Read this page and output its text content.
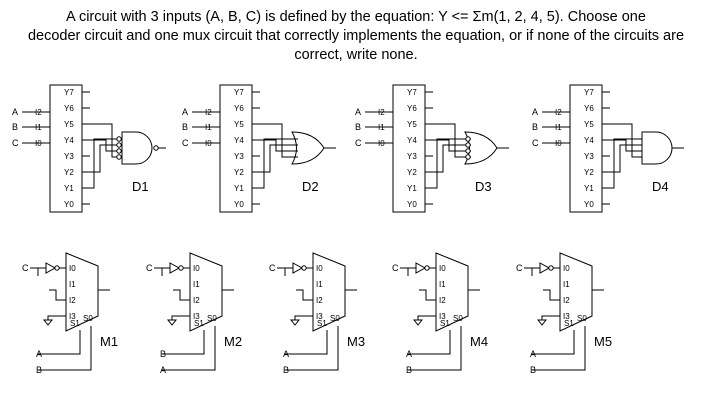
A circuit with 3 inputs (A, B, C) is defined by the equation: Y <= Σm(1, 2, 4, 5). Choose one
decoder circuit and one mux circuit that correctly implements the equation, or if none of the circuits are
correct, write none.

A I2
B I1
C I0
Y7
Y6
Y5
Y4
Y3
Y2
Y1
Y0
D1
A I2
B I1
C I0
Y7
Y6
Y5
Y4
Y3
Y2
Y1
Y0
D2
A I2
B I1
C I0
Y7
Y6
Y5
Y4
Y3
Y2
Y1
Y0
D3
A I2
B I1
C I0
Y7
Y6
Y5
Y4
Y3
Y2
Y1
Y0
D4
I0
I1
I2
I3
S1
S0
C
A
B
M1
I0
I1
I2
I3
S1
S0
C
B
A
M2
I0
I1
I2
I3
S1
S0
C
A
B
M3
I0
I1
I2
I3
S1
S0
C
A
B
M4
I0
I1
I2
I3
S1
S0
C
A
B
M5
